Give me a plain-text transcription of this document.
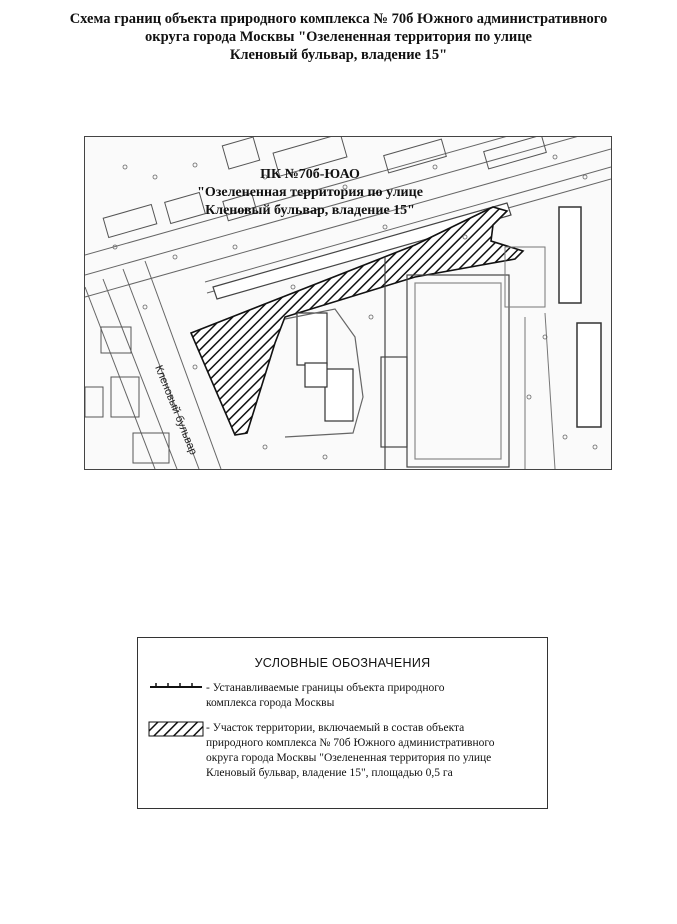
Схема границ объекта природного комплекса № 70б Южного административного
округа города Москвы "Озелененная территория по улице
Кленовый бульвар, владение 15"
Кленовый бульвар
ПК №70б-ЮАО
"Озелененная территория по улице
Кленовый бульвар, владение 15"
УСЛОВНЫЕ ОБОЗНАЧЕНИЯ
- Устанавливаемые границы объекта природного
комплекса города Москвы
- Участок территории, включаемый в состав объекта
природного комплекса № 70б Южного административного
округа города Москвы "Озелененная территория по улице
Кленовый бульвар, владение 15", площадью 0,5 га
